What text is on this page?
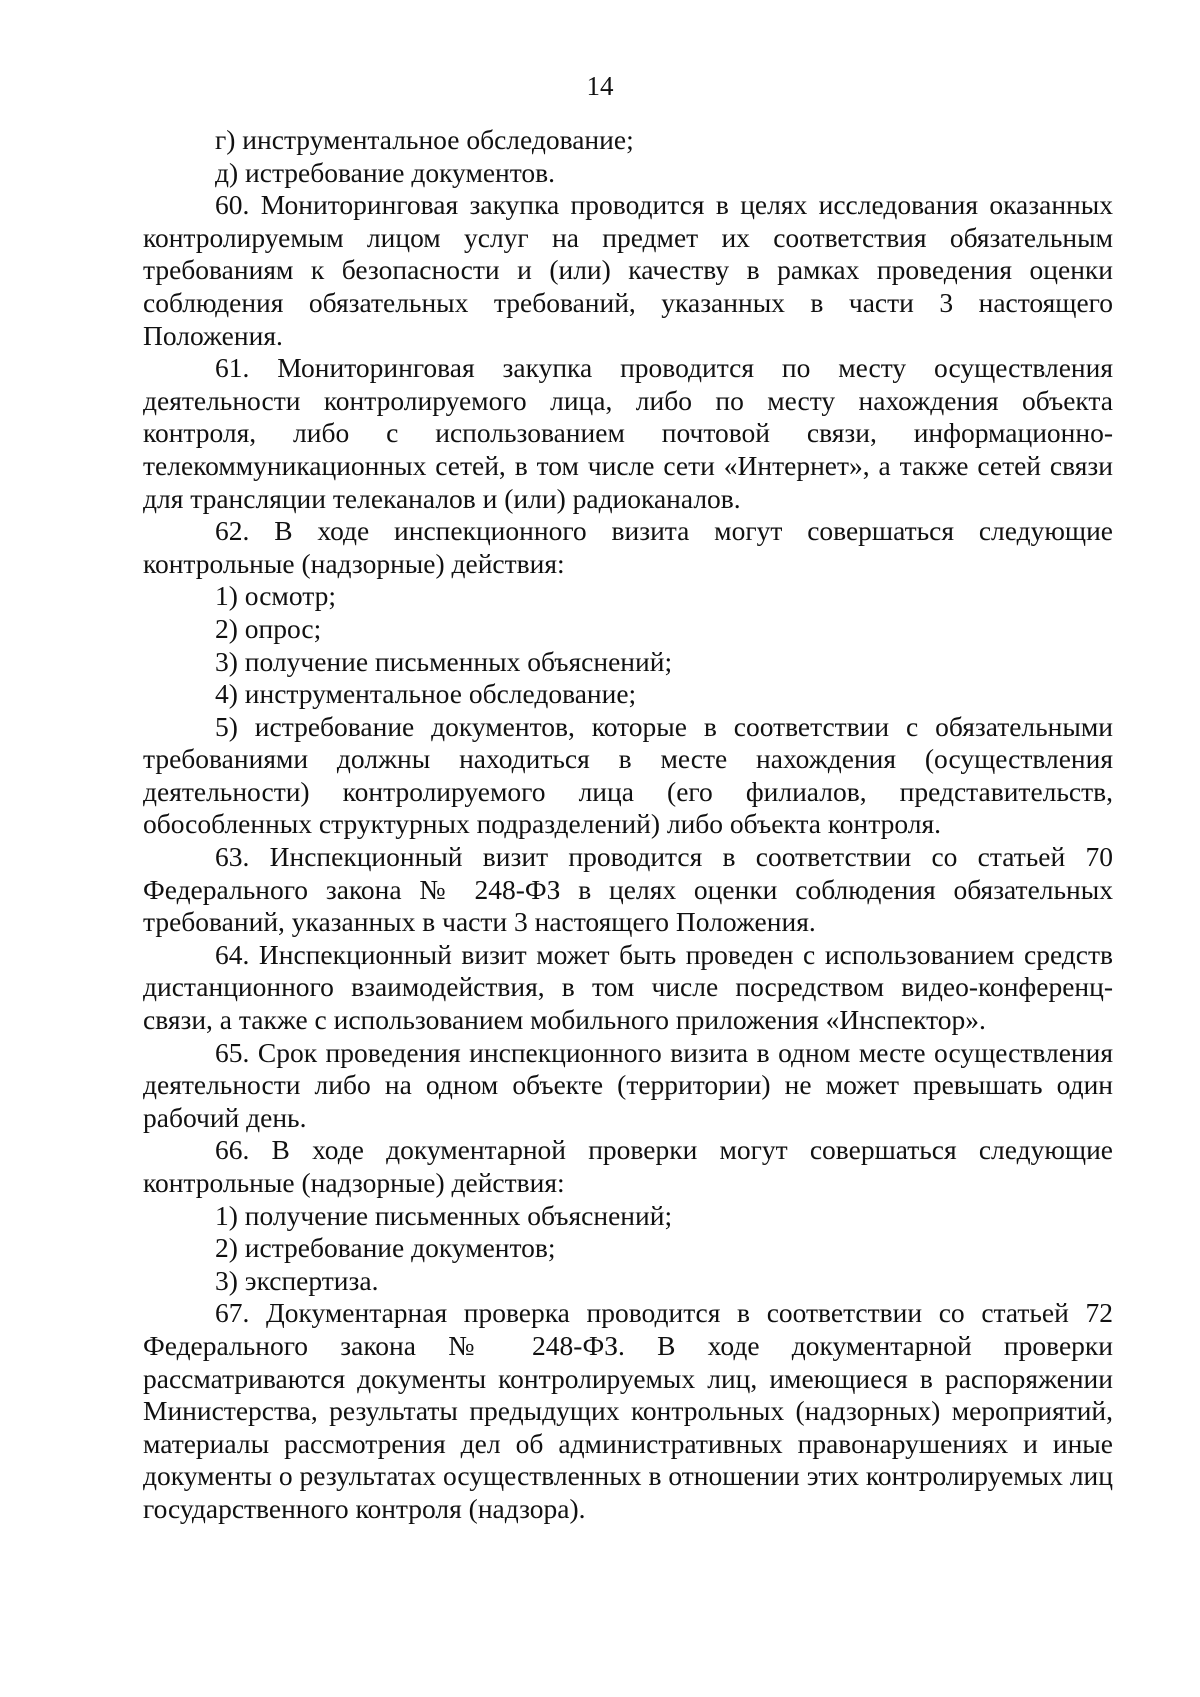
14

г) инструментальное обследование;

д) истребование документов.

60. Мониторинговая закупка проводится в целях исследования оказанных контролируемым лицом услуг на предмет их соответствия обязательным требованиям к безопасности и (или) качеству в рамках проведения оценки соблюдения обязательных требований, указанных в части 3 настоящего Положения.

61. Мониторинговая закупка проводится по месту осуществления деятельности контролируемого лица, либо по месту нахождения объекта контроля, либо с использованием почтовой связи, информационно-телекоммуникационных сетей, в том числе сети «Интернет», а также сетей связи для трансляции телеканалов и (или) радиоканалов.

62. В ходе инспекционного визита могут совершаться следующие контрольные (надзорные) действия:

1) осмотр;

2) опрос;

3) получение письменных объяснений;

4) инструментальное обследование;

5) истребование документов, которые в соответствии с обязательными требованиями должны находиться в месте нахождения (осуществления деятельности) контролируемого лица (его филиалов, представительств, обособленных структурных подразделений) либо объекта контроля.

63. Инспекционный визит проводится в соответствии со статьей 70 Федерального закона № 248-ФЗ в целях оценки соблюдения обязательных требований, указанных в части 3 настоящего Положения.

64. Инспекционный визит может быть проведен с использованием средств дистанционного взаимодействия, в том числе посредством видео-конференц-связи, а также с использованием мобильного приложения «Инспектор».

65. Срок проведения инспекционного визита в одном месте осуществления деятельности либо на одном объекте (территории) не может превышать один рабочий день.

66. В ходе документарной проверки могут совершаться следующие контрольные (надзорные) действия:

1) получение письменных объяснений;

2) истребование документов;

3) экспертиза.

67. Документарная проверка проводится в соответствии со статьей 72 Федерального закона № 248-ФЗ. В ходе документарной проверки рассматриваются документы контролируемых лиц, имеющиеся в распоряжении Министерства, результаты предыдущих контрольных (надзорных) мероприятий, материалы рассмотрения дел об административных правонарушениях и иные документы о результатах осуществленных в отношении этих контролируемых лиц государственного контроля (надзора).
